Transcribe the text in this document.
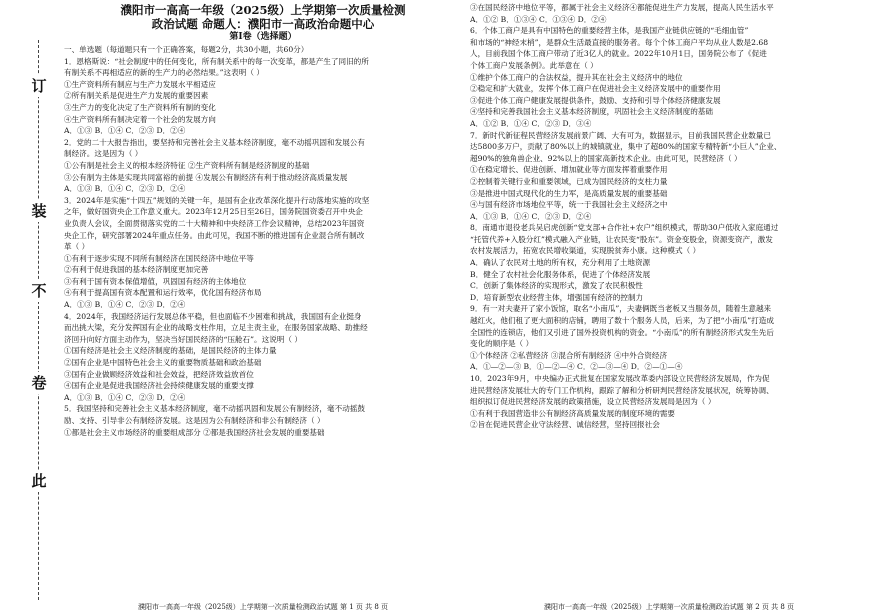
此
卷
不
装
订
濮阳市一高高一年级（2025级）上学期第一次质量检测
政治试题 命题人：濮阳市一高政治命题中心
第Ⅰ卷（选择题）

一、单选题（每道题只有一个正确答案，每题2分，共30小题，共60分）

1．恩格斯说：“社会制度中的任何变化，所有制关系中的每一次变革，都是产生了同旧的所

有制关系不再相适应的新的生产力的必然结果。”这表明（ ）

①生产资料所有制应与生产力发展水平相适应

②所有制关系是促进生产力发展的重要因素

③生产力的变化决定了生产资料所有制的变化

④生产资料所有制决定着一个社会的发展方向

A．①③ B．①④ C．②③ D．②④

2．党的二十大报告指出，要坚持和完善社会主义基本经济制度，毫不动摇巩固和发展公有

制经济。这是因为（ ）

①公有制是社会主义的根本经济特征 ②生产资料所有制是经济制度的基础

③公有制为主体是实现共同富裕的前提 ④发展公有制经济有利于推动经济高质量发展

A．①③ B．①④ C．②③ D．②④

3．2024年是实施“十四五”规划的关键一年，是国有企业改革深化提升行动落地实施的攻坚

之年，做好国资央企工作意义重大。2023年12月25日至26日，国务院国资委召开中央企

业负责人会议，全面贯彻落实党的二十大精神和中央经济工作会议精神，总结2023年国资

央企工作，研究部署2024年重点任务。由此可见，我国不断的推进国有企业混合所有制改

革（ ）

①有利于逐步实现不同所有制经济在国民经济中地位平等

②有利于促进我国的基本经济制度更加完善

③有利于国有资本保值增值，巩固国有经济的主体地位

④有利于提高国有资本配置和运行效率，优化国有经济布局

A．①③ B．①④ C．②③ D．②④

4．2024年，我国经济运行发展总体平稳，但也面临不少困难和挑战，我国国有企业挺身

而出挑大梁，充分发挥国有企业的战略支柱作用，立足主责主业，在服务国家战略、助推经

济回升向好方面主动作为，坚决当好国民经济的“压舱石”。这说明（ ）

①国有经济是社会主义经济制度的基础，是国民经济的主体力量

②国有企业是中国特色社会主义的重要物质基础和政治基础

③国有企业做顾经济效益和社会效益，把经济效益放首位

④国有企业是促进我国经济社会持续健康发展的重要支撑

A．①③ B．①④ C．②③ D．②④

5．我国坚持和完善社会主义基本经济制度，毫不动摇巩固和发展公有制经济，毫不动摇鼓

励、支持、引导非公有制经济发展。这是因为公有制经济和非公有制经济（ ）

①都是社会主义市场经济的重要组成部分 ②都是我国经济社会发展的重要基础

濮阳市一高高一年级（2025级）上学期第一次质量检测政治试题 第 1 页 共 8 页

③在国民经济中地位平等，都属于社会主义经济④都能促进生产力发展，提高人民生活水平

A．①② B．①③④ C．①③④ D．②④

6．个体工商户是具有中国特色的重要经营主体，是我国产业链供应链的“毛细血管”

和市场的“神经末梢”，是群众生活最直接的服务者。每个个体工商户平均从业人数是2.68

人，目前我国个体工商户带动了近3亿人的就业。2022年10月1日，国务院公布了《促进

个体工商户发展条例》。此举意在（ ）

①维护个体工商户的合法权益，提升其在社会主义经济中的地位

②稳定和扩大就业，发挥个体工商户在促进社会主义经济发展中的重要作用

③促进个体工商户健康发展提供条件，鼓励、支持和引导个体经济健康发展

④坚持和完善我国社会主义基本经济制度，巩固社会主义经济制度的基础

A．①② B．①④ C．②③ D．③④

7．新时代新征程民营经济发展前景广阔、大有可为，数据显示，目前我国民营企业数量已

达5800多万户，贡献了80%以上的城镇就业，集中了超80%的国家专精特新“小巨人”企业、

超90%的独角兽企业、92%以上的国家高新技术企业。由此可见，民营经济（ ）

①在稳定增长、促进创新、增加就业等方面发挥着重要作用

②控制着关键行业和重要领域，已成为国民经济的支柱力量

③是推进中国式现代化的生力军，是高质量发展的重要基础

④与国有经济市场地位平等，统一于我国社会主义经济之中

A．①③ B．①④ C．②③ D．②④

8．南通市退役老兵吴启虎创新“党支部+合作社+农户”组织模式，帮助30户低收入家庭通过

“托管代养+入股分红”模式融入产业链，让农民变“股东”。资金变股金，资源变资产，激发

农村发展活力，拓宽农民增收渠道，实现脱贫奔小康。这种模式（ ）

A．确认了农民对土地的所有权，充分利用了土地资源

B．健全了农村社会化服务体系，促进了个体经济发展

C．创新了集体经济的实现形式，激发了农民积极性

D．培育新型农业经营主体，增强国有经济的控制力

9．有一对夫妻开了家小饭馆，取名“小南瓜”，夫妻俩既当老板又当服务员，随着生意越来

越红火，他们租了更大面积的店铺，聘用了数十个服务人员，后来，为了把“小南瓜”打造成

全国性的连锁店，他们又引进了国外投资机构的资金。“小南瓜”的所有制经济形式发生先后

变化的顺序是（ ）

①个体经济 ②私营经济 ③混合所有制经济 ④中外合资经济

A．①—②—③ B．①—②—④ C．②—③—④ D．②—①—④

10．2023年9月，中央编办正式批复在国家发展改革委内部设立民营经济发展局，作为促

进民营经济发展壮大的专门工作机构，跟踪了解和分析研判民营经济发展状况，统筹协调、

组织拟订促进民营经济发展的政策措施，设立民营经济发展局是因为（ ）

①有利于我国营造非公有制经济高质量发展的制度环境的需要

②旨在促进民营企业守法经营、诚信经营，坚持回报社会

濮阳市一高高一年级（2025级）上学期第一次质量检测政治试题 第 2 页 共 8 页
